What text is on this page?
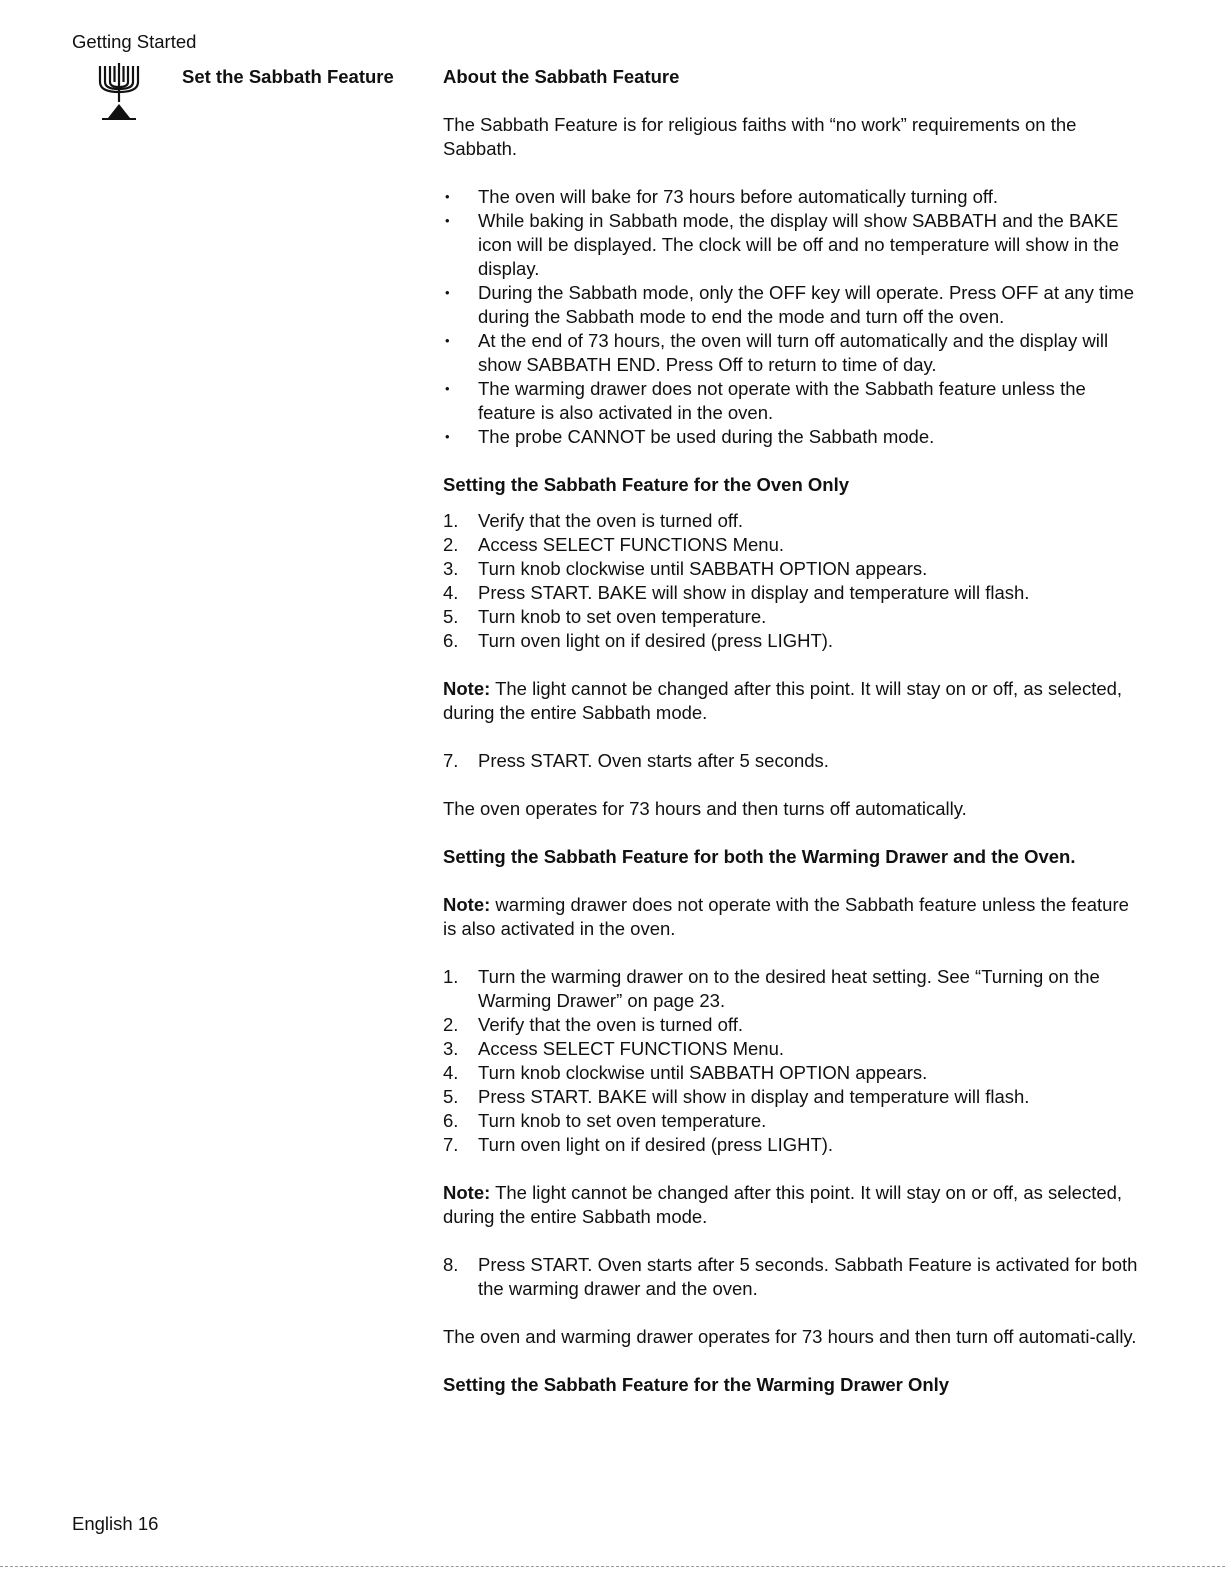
Getting Started
Set the Sabbath Feature	About the Sabbath Feature

The Sabbath Feature is for religious faiths with “no work” requirements on the Sabbath.

• The oven will bake for 73 hours before automatically turning off.
• While baking in Sabbath mode, the display will show SABBATH and the BAKE icon will be displayed. The clock will be off and no temperature will show in the display.
• During the Sabbath mode, only the OFF key will operate. Press OFF at any time during the Sabbath mode to end the mode and turn off the oven.
• At the end of 73 hours, the oven will turn off automatically and the display will show SABBATH END. Press Off to return to time of day.
• The warming drawer does not operate with the Sabbath feature unless the feature is also activated in the oven.
• The probe CANNOT be used during the Sabbath mode.

Setting the Sabbath Feature for the Oven Only

1. Verify that the oven is turned off.
2. Access SELECT FUNCTIONS Menu.
3. Turn knob clockwise until SABBATH OPTION appears.
4. Press START. BAKE will show in display and temperature will flash.
5. Turn knob to set oven temperature.
6. Turn oven light on if desired (press LIGHT).

Note: The light cannot be changed after this point. It will stay on or off, as selected, during the entire Sabbath mode.

7. Press START. Oven starts after 5 seconds.

The oven operates for 73 hours and then turns off automatically.

Setting the Sabbath Feature for both the Warming Drawer and the Oven.

Note: warming drawer does not operate with the Sabbath feature unless the feature is also activated in the oven.

1. Turn the warming drawer on to the desired heat setting. See “Turning on the Warming Drawer” on page 23.
2. Verify that the oven is turned off.
3. Access SELECT FUNCTIONS Menu.
4. Turn knob clockwise until SABBATH OPTION appears.
5. Press START. BAKE will show in display and temperature will flash.
6. Turn knob to set oven temperature.
7. Turn oven light on if desired (press LIGHT).

Note: The light cannot be changed after this point. It will stay on or off, as selected, during the entire Sabbath mode.

8. Press START. Oven starts after 5 seconds. Sabbath Feature is activated for both the warming drawer and the oven.

The oven and warming drawer operates for 73 hours and then turn off automati-cally.

Setting the Sabbath Feature for the Warming Drawer Only

English 16
